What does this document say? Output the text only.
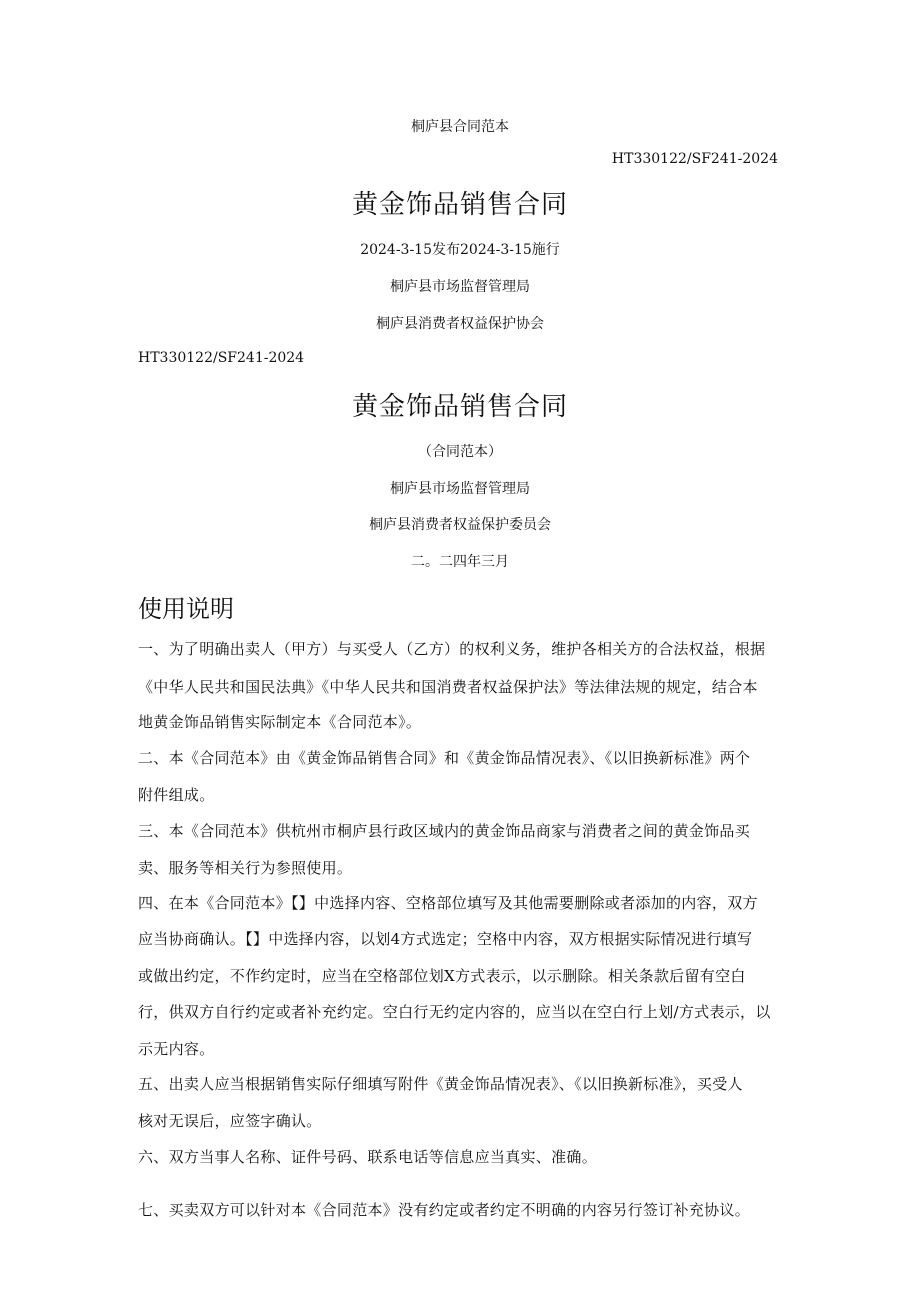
桐庐县合同范本
HT330122/SF241-2024
黄金饰品销售合同
2024-3-15发布2024-3-15施行
桐庐县市场监督管理局
桐庐县消费者权益保护协会
HT330122/SF241-2024
黄金饰品销售合同
（合同范本）
桐庐县市场监督管理局
桐庐县消费者权益保护委员会
二。二四年三月
使用说明
一、为了明确出卖人（甲方）与买受人（乙方）的权利义务，维护各相关方的合法权益，根据
《中华人民共和国民法典》《中华人民共和国消费者权益保护法》等法律法规的规定，结合本
地黄金饰品销售实际制定本《合同范本》。
二、本《合同范本》由《黄金饰品销售合同》和《黄金饰品情况表》、《以旧换新标准》两个
附件组成。
三、本《合同范本》供杭州市桐庐县行政区域内的黄金饰品商家与消费者之间的黄金饰品买
卖、服务等相关行为参照使用。
四、在本《合同范本》【】中选择内容、空格部位填写及其他需要删除或者添加的内容，双方
应当协商确认。【】中选择内容，以划4方式选定；空格中内容，双方根据实际情况进行填写
或做出约定，不作约定时，应当在空格部位划X方式表示，以示删除。相关条款后留有空白
行，供双方自行约定或者补充约定。空白行无约定内容的，应当以在空白行上划/方式表示，以
示无内容。
五、出卖人应当根据销售实际仔细填写附件《黄金饰品情况表》、《以旧换新标准》，买受人
核对无误后，应签字确认。
六、双方当事人名称、证件号码、联系电话等信息应当真实、准确。
七、买卖双方可以针对本《合同范本》没有约定或者约定不明确的内容另行签订补充协议。
